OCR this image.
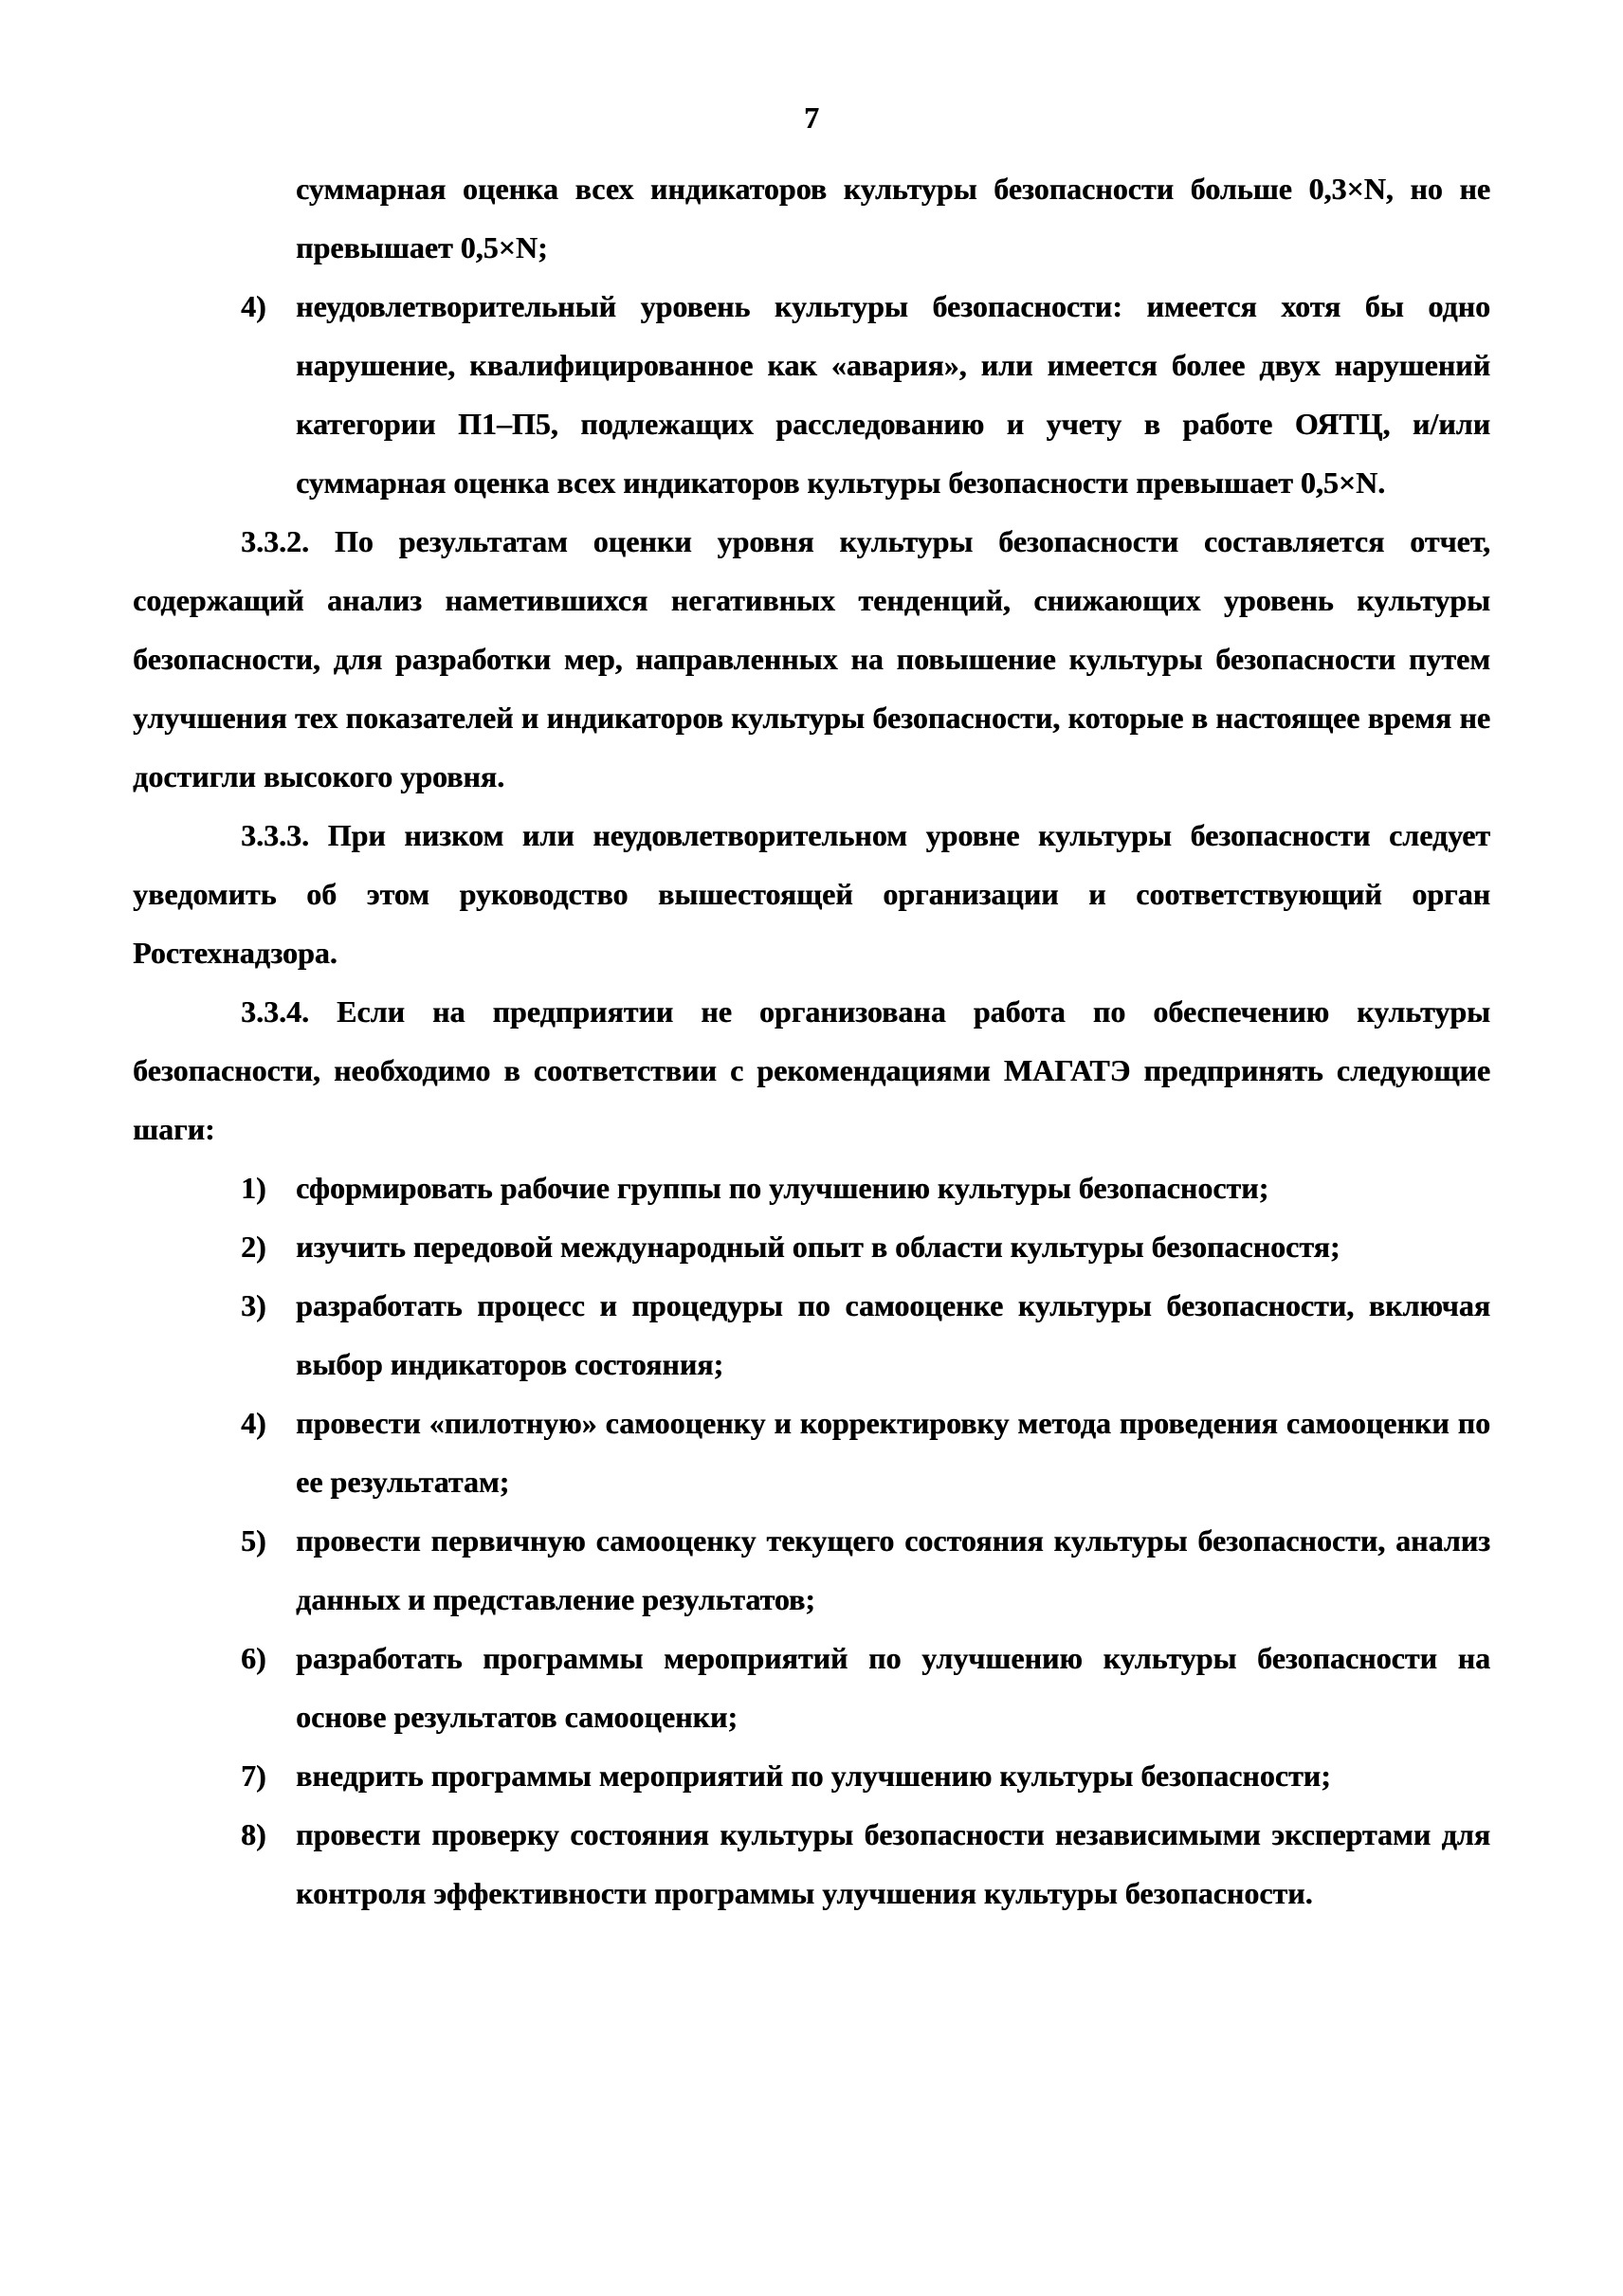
7
суммарная оценка всех индикаторов культуры безопасности больше 0,3×N, но не превышает 0,5×N;
4) неудовлетворительный уровень культуры безопасности: имеется хотя бы одно нарушение, квалифицированное как «авария», или имеется более двух нарушений категории П1–П5, подлежащих расследованию и учету в работе ОЯТЦ, и/или суммарная оценка всех индикаторов культуры безопасности превышает 0,5×N.
3.3.2. По результатам оценки уровня культуры безопасности составляется отчет, содержащий анализ наметившихся негативных тенденций, снижающих уровень культуры безопасности, для разработки мер, направленных на повышение культуры безопасности путем улучшения тех показателей и индикаторов культуры безопасности, которые в настоящее время не достигли высокого уровня.
3.3.3. При низком или неудовлетворительном уровне культуры безопасности следует уведомить об этом руководство вышестоящей организации и соответствующий орган Ростехнадзора.
3.3.4. Если на предприятии не организована работа по обеспечению культуры безопасности, необходимо в соответствии с рекомендациями МАГАТЭ предпринять следующие шаги:
1) сформировать рабочие группы по улучшению культуры безопасности;
2) изучить передовой международный опыт в области культуры безопасностя;
3) разработать процесс и процедуры по самооценке культуры безопасности, включая выбор индикаторов состояния;
4) провести «пилотную» самооценку и корректировку метода проведения самооценки по ее результатам;
5) провести первичную самооценку текущего состояния культуры безопасности, анализ данных и представление результатов;
6) разработать программы мероприятий по улучшению культуры безопасности на основе результатов самооценки;
7) внедрить программы мероприятий по улучшению культуры безопасности;
8) провести проверку состояния культуры безопасности независимыми экспертами для контроля эффективности программы улучшения культуры безопасности.
